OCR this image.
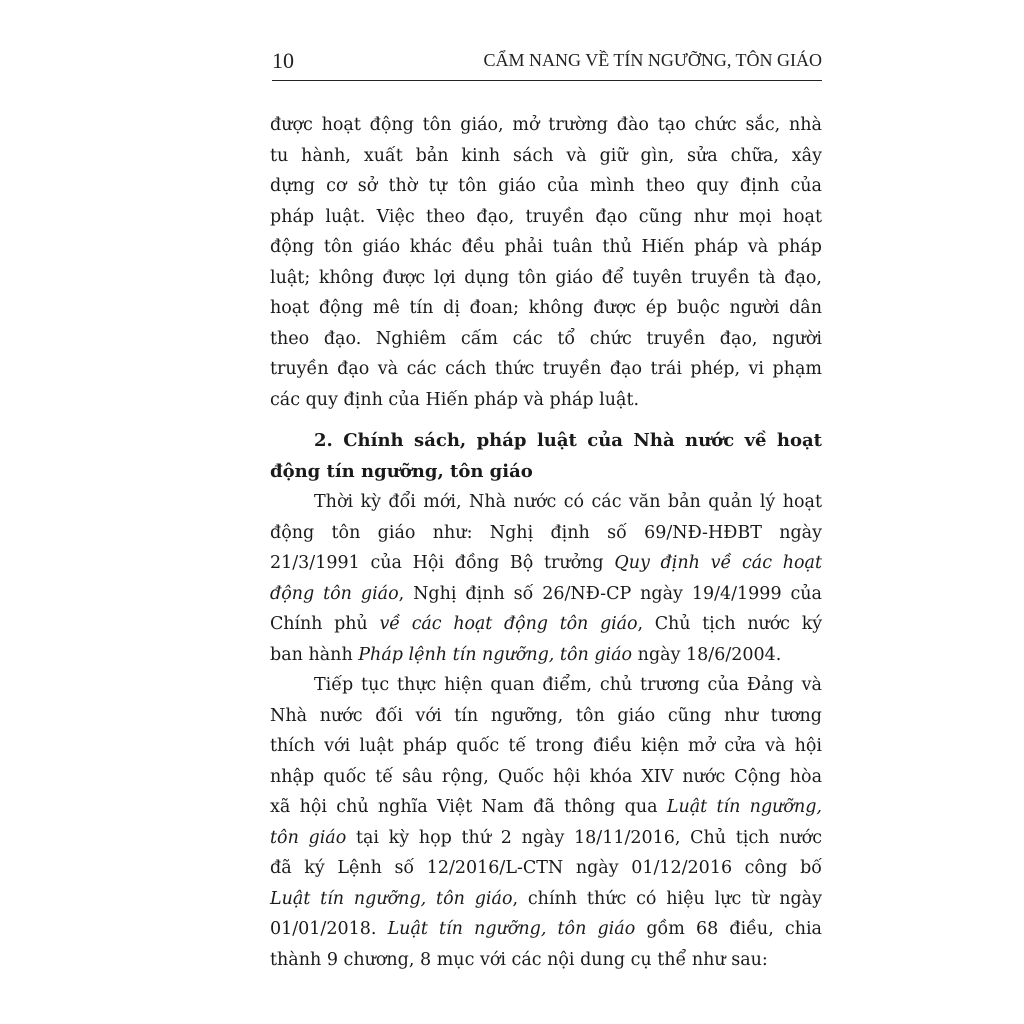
10	CẨM NANG VỀ TÍN NGƯỠNG, TÔN GIÁO
được hoạt động tôn giáo, mở trường đào tạo chức sắc, nhà
tu hành, xuất bản kinh sách và giữ gìn, sửa chữa, xây
dựng cơ sở thờ tự tôn giáo của mình theo quy định của
pháp luật. Việc theo đạo, truyền đạo cũng như mọi hoạt
động tôn giáo khác đều phải tuân thủ Hiến pháp và pháp
luật; không được lợi dụng tôn giáo để tuyên truyền tà đạo,
hoạt động mê tín dị đoan; không được ép buộc người dân
theo đạo. Nghiêm cấm các tổ chức truyền đạo, người
truyền đạo và các cách thức truyền đạo trái phép, vi phạm
các quy định của Hiến pháp và pháp luật.
2. Chính sách, pháp luật của Nhà nước về hoạt
động tín ngưỡng, tôn giáo
Thời kỳ đổi mới, Nhà nước có các văn bản quản lý hoạt
động tôn giáo như: Nghị định số 69/NĐ-HĐBT ngày
21/3/1991 của Hội đồng Bộ trưởng Quy định về các hoạt
động tôn giáo, Nghị định số 26/NĐ-CP ngày 19/4/1999 của
Chính phủ về các hoạt động tôn giáo, Chủ tịch nước ký
ban hành Pháp lệnh tín ngưỡng, tôn giáo ngày 18/6/2004.
Tiếp tục thực hiện quan điểm, chủ trương của Đảng và
Nhà nước đối với tín ngưỡng, tôn giáo cũng như tương
thích với luật pháp quốc tế trong điều kiện mở cửa và hội
nhập quốc tế sâu rộng, Quốc hội khóa XIV nước Cộng hòa
xã hội chủ nghĩa Việt Nam đã thông qua Luật tín ngưỡng,
tôn giáo tại kỳ họp thứ 2 ngày 18/11/2016, Chủ tịch nước
đã ký Lệnh số 12/2016/L-CTN ngày 01/12/2016 công bố
Luật tín ngưỡng, tôn giáo, chính thức có hiệu lực từ ngày
01/01/2018. Luật tín ngưỡng, tôn giáo gồm 68 điều, chia
thành 9 chương, 8 mục với các nội dung cụ thể như sau:
